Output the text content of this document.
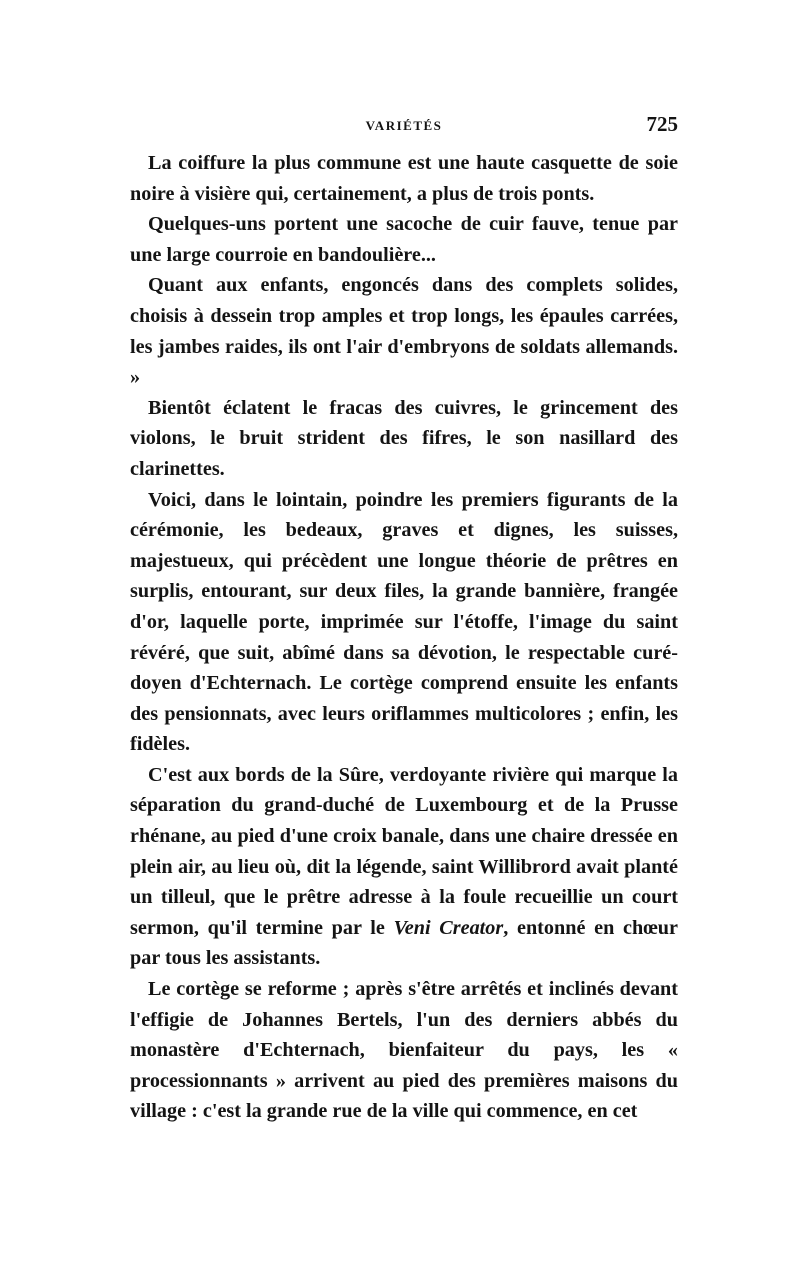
VARIÉTÉS	725

La coiffure la plus commune est une haute casquette de soie noire à visière qui, certainement, a plus de trois ponts.

Quelques-uns portent une sacoche de cuir fauve, tenue par une large courroie en bandoulière...

Quant aux enfants, engoncés dans des complets solides, choisis à dessein trop amples et trop longs, les épaules carrées, les jambes raides, ils ont l'air d'embryons de soldats allemands. »

Bientôt éclatent le fracas des cuivres, le grincement des violons, le bruit strident des fifres, le son nasillard des clarinettes.

Voici, dans le lointain, poindre les premiers figurants de la cérémonie, les bedeaux, graves et dignes, les suisses, majestueux, qui précèdent une longue théorie de prêtres en surplis, entourant, sur deux files, la grande bannière, frangée d'or, laquelle porte, imprimée sur l'étoffe, l'image du saint révéré, que suit, abîmé dans sa dévotion, le respectable curé-doyen d'Echternach. Le cortège comprend ensuite les enfants des pensionnats, avec leurs oriflammes multicolores ; enfin, les fidèles.

C'est aux bords de la Sûre, verdoyante rivière qui marque la séparation du grand-duché de Luxembourg et de la Prusse rhénane, au pied d'une croix banale, dans une chaire dressée en plein air, au lieu où, dit la légende, saint Willibrord avait planté un tilleul, que le prêtre adresse à la foule recueillie un court sermon, qu'il termine par le Veni Creator, entonné en chœur par tous les assistants.

Le cortège se reforme ; après s'être arrêtés et inclinés devant l'effigie de Johannes Bertels, l'un des derniers abbés du monastère d'Echternach, bienfaiteur du pays, les « processionnants » arrivent au pied des premières maisons du village : c'est la grande rue de la ville qui commence, en cet
